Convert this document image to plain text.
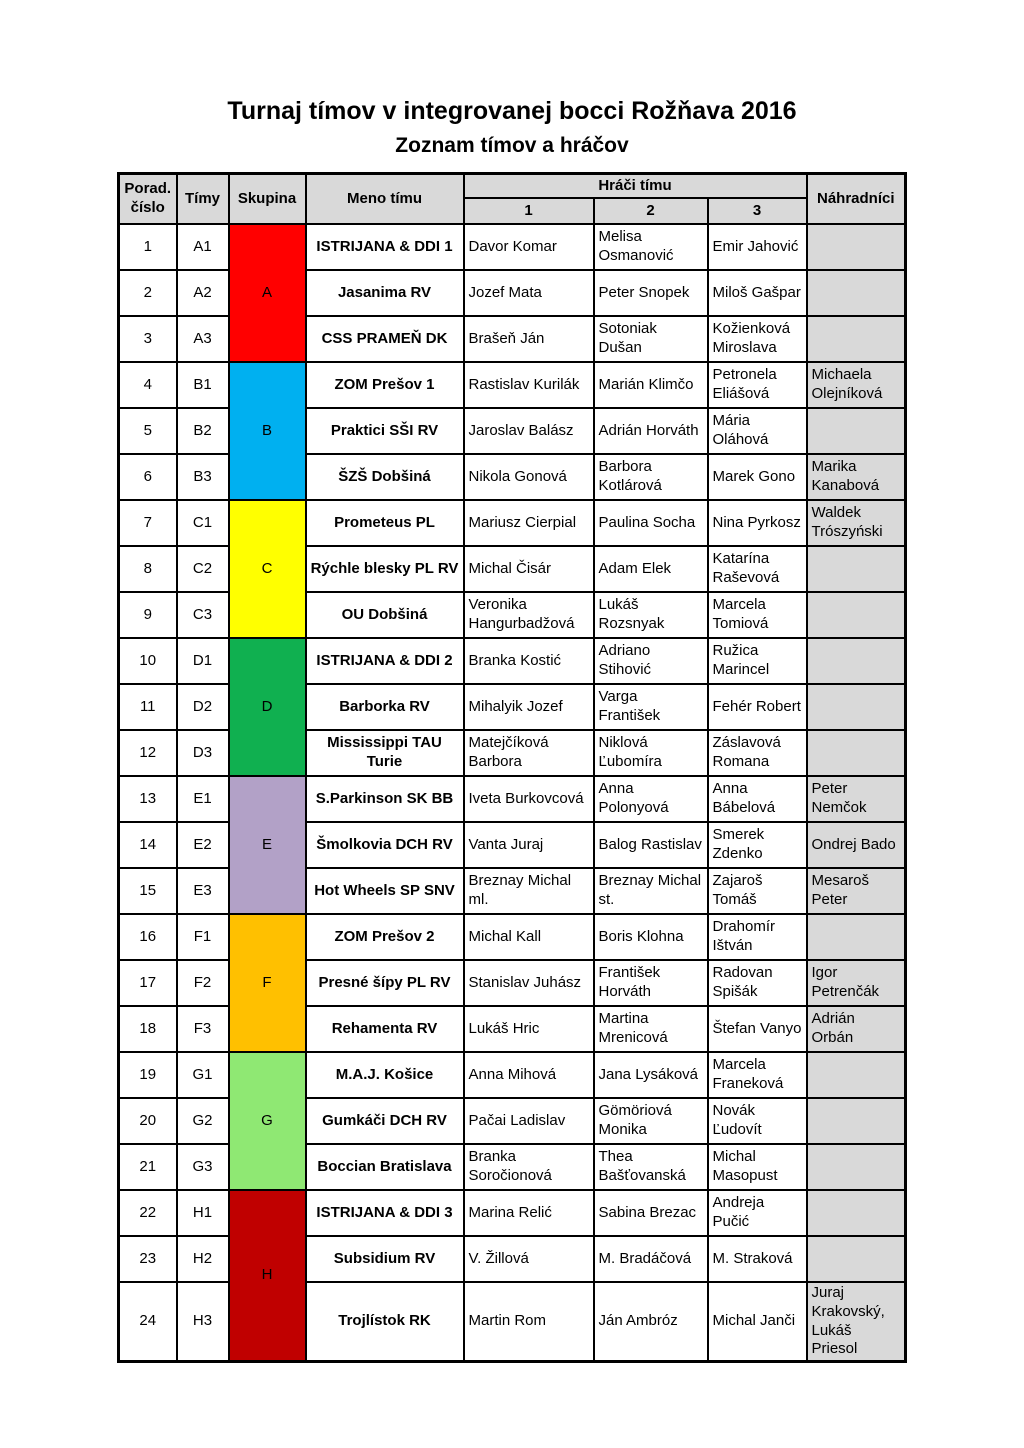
Turnaj tímov v integrovanej bocci Rožňava 2016
Zoznam tímov a hráčov
Porad. číslo	Tímy	Skupina	Meno tímu	Hráči tímu			Náhradníci
				1	2	3	
1	A1	A	ISTRIJANA & DDI 1	Davor Komar	Melisa Osmanović	Emir Jahović	
2	A2		Jasanima RV	Jozef Mata	Peter Snopek	Miloš Gašpar	
3	A3		CSS PRAMEŇ DK	Brašeň Ján	Sotoniak Dušan	Kožienková Miroslava	
4	B1	B	ZOM Prešov 1	Rastislav Kurilák	Marián Klimčo	Petronela Eliášová	Michaela Olejníková
5	B2		Praktici SŠI RV	Jaroslav Balász	Adrián Horváth	Mária Oláhová	
6	B3		ŠZŠ Dobšiná	Nikola Gonová	Barbora Kotlárová	Marek Gono	Marika Kanabová
7	C1	C	Prometeus PL	Mariusz Cierpial	Paulina Socha	Nina Pyrkosz	Waldek Trószyński
8	C2		Rýchle blesky PL RV	Michal Čisár	Adam Elek	Katarína Raševová	
9	C3		OU Dobšiná	Veronika Hangurbadžová	Lukáš Rozsnyak	Marcela Tomiová	
10	D1	D	ISTRIJANA & DDI 2	Branka Kostić	Adriano Stihović	Ružica Marincel	
11	D2		Barborka RV	Mihalyik Jozef	Varga František	Fehér Robert	
12	D3		Mississippi TAU Turie	Matejčíková Barbora	Niklová Ľubomíra	Záslavová Romana	
13	E1	E	S.Parkinson SK BB	Iveta Burkovcová	Anna Polonyová	Anna Bábelová	Peter Nemčok
14	E2		Šmolkovia DCH RV	Vanta Juraj	Balog Rastislav	Smerek Zdenko	Ondrej Bado
15	E3		Hot Wheels SP SNV	Breznay Michal ml.	Breznay Michal st.	Zajaroš Tomáš	Mesaroš Peter
16	F1	F	ZOM Prešov 2	Michal Kall	Boris Klohna	Drahomír Ištván	
17	F2		Presné šípy PL RV	Stanislav Juhász	František Horváth	Radovan Spišák	Igor Petrenčák
18	F3		Rehamenta RV	Lukáš Hric	Martina Mrenicová	Štefan Vanyo	Adrián Orbán
19	G1	G	M.A.J. Košice	Anna Mihová	Jana Lysáková	Marcela Franeková	
20	G2		Gumkáči DCH RV	Pačai Ladislav	Gömöriová Monika	Novák Ľudovít	
21	G3		Boccian Bratislava	Branka Soročionová	Thea Bašťovanská	Michal Masopust	
22	H1	H	ISTRIJANA & DDI 3	Marina Relić	Sabina Brezac	Andreja Pučić	
23	H2		Subsidium RV	V. Žillová	M. Bradáčová	M. Straková	
24	H3		Trojlístok RK	Martin Rom	Ján Ambróz	Michal Janči	Juraj Krakovský, Lukáš Priesol
